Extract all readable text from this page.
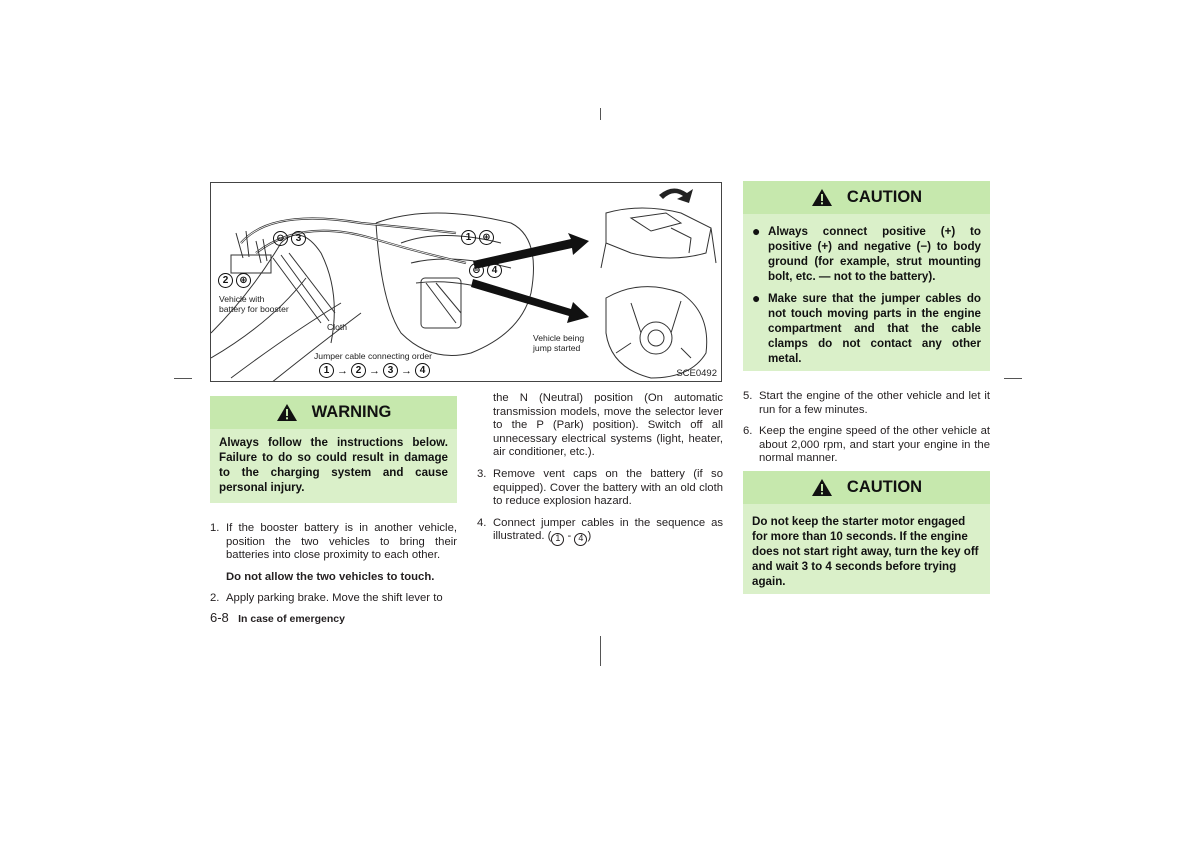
⊖	3
2	⊕
1	⊕
⊖	4
Vehicle with
battery for booster
Cloth
Vehicle being
jump started
Jumper cable connecting order
1 → 2 → 3 → 4	SCE0492
WARNING
Always follow the instructions below. Failure to do so could result in damage to the charging system and cause personal injury.
1. If the booster battery is in another vehicle, position the two vehicles to bring their batteries into close proximity to each other.
Do not allow the two vehicles to touch.
2. Apply parking brake. Move the shift lever to

the N (Neutral) position (On automatic transmission models, move the selector lever to the P (Park) position). Switch off all unnecessary electrical systems (light, heater, air conditioner, etc.).

3. Remove vent caps on the battery (if so equipped). Cover the battery with an old cloth to reduce explosion hazard.
4. Connect jumper cables in the sequence as illustrated. ( 1 - 4 )
CAUTION
● Always connect positive (+) to positive (+) and negative (−) to body ground (for example, strut mounting bolt, etc. — not to the battery).
● Make sure that the jumper cables do not touch moving parts in the engine compartment and that the cable clamps do not contact any other metal.
5. Start the engine of the other vehicle and let it run for a few minutes.
6. Keep the engine speed of the other vehicle at about 2,000 rpm, and start your engine in the normal manner.
CAUTION
Do not keep the starter motor engaged for more than 10 seconds. If the engine does not start right away, turn the key off and wait 3 to 4 seconds before trying again.
6-8 In case of emergency
